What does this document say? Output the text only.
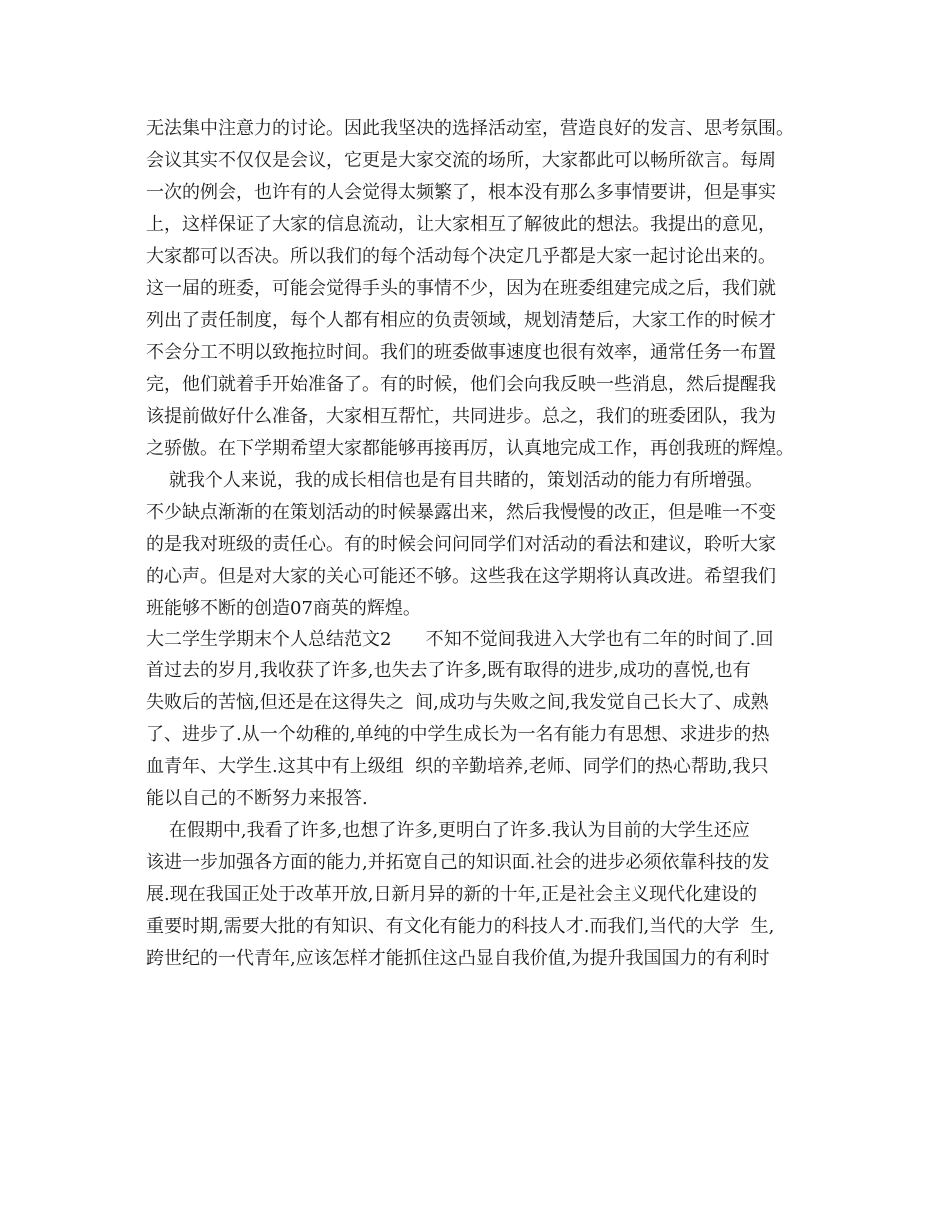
无法集中注意力的讨论。因此我坚决的选择活动室，营造良好的发言、思考氛围。
会议其实不仅仅是会议，它更是大家交流的场所，大家都此可以畅所欲言。每周
一次的例会，也许有的人会觉得太频繁了，根本没有那么多事情要讲，但是事实
上，这样保证了大家的信息流动，让大家相互了解彼此的想法。我提出的意见，
大家都可以否决。所以我们的每个活动每个决定几乎都是大家一起讨论出来的。
这一届的班委，可能会觉得手头的事情不少，因为在班委组建完成之后，我们就
列出了责任制度，每个人都有相应的负责领域，规划清楚后，大家工作的时候才
不会分工不明以致拖拉时间。我们的班委做事速度也很有效率，通常任务一布置
完，他们就着手开始准备了。有的时候，他们会向我反映一些消息，然后提醒我
该提前做好什么准备，大家相互帮忙，共同进步。总之，我们的班委团队，我为
之骄傲。在下学期希望大家都能够再接再厉，认真地完成工作，再创我班的辉煌。
就我个人来说，我的成长相信也是有目共睹的，策划活动的能力有所增强。
不少缺点渐渐的在策划活动的时候暴露出来，然后我慢慢的改正，但是唯一不变
的是我对班级的责任心。有的时候会问问同学们对活动的看法和建议，聆听大家
的心声。但是对大家的关心可能还不够。这些我在这学期将认真改进。希望我们
班能够不断的创造07商英的辉煌。
大二学生学期末个人总结范文2      不知不觉间我进入大学也有二年的时间了.回
首过去的岁月,我收获了许多,也失去了许多,既有取得的进步,成功的喜悦,也有
失败后的苦恼,但还是在这得失之  间,成功与失败之间,我发觉自己长大了、成熟
了、进步了.从一个幼稚的,单纯的中学生成长为一名有能力有思想、求进步的热
血青年、大学生.这其中有上级组  织的辛勤培养,老师、同学们的热心帮助,我只
能以自己的不断努力来报答.
在假期中,我看了许多,也想了许多,更明白了许多.我认为目前的大学生还应
该进一步加强各方面的能力,并拓宽自己的知识面.社会的进步必须依靠科技的发
展.现在我国正处于改革开放,日新月异的新的十年,正是社会主义现代化建设的
重要时期,需要大批的有知识、有文化有能力的科技人才.而我们,当代的大学  生,
跨世纪的一代青年,应该怎样才能抓住这凸显自我价值,为提升我国国力的有利时
